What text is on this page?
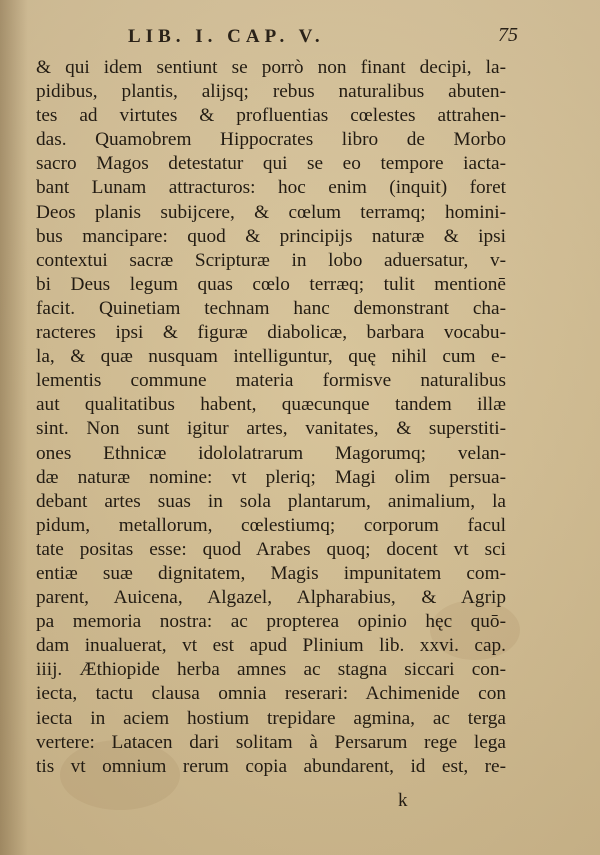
LIB. I. CAP. V.	75
& qui idem sentiunt se porrò non finant decipi, la-
pidibus, plantis, alijsq; rebus naturalibus abuten-
tes ad virtutes & profluentias cœlestes attrahen-
das. Quamobrem Hippocrates libro de Morbo
sacro Magos detestatur qui se eo tempore iacta-
bant Lunam attracturos: hoc enim (inquit) foret
Deos planis subijcere, & cœlum terramq; homini-
bus mancipare: quod & principijs naturæ & ipsi
contextui sacræ Scripturæ in lobo aduersatur, v-
bi Deus legum quas cœlo terræq; tulit mentionē
facit. Quinetiam technam hanc demonstrant cha-
racteres ipsi & figuræ diabolicæ, barbara vocabu-
la, & quæ nusquam intelliguntur, quę nihil cum e-
lementis commune materia formisve naturalibus
aut qualitatibus habent, quæcunque tandem illæ
sint. Non sunt igitur artes, vanitates, & superstiti-
ones Ethnicæ idololatrarum Magorumq; velan-
dæ naturæ nomine: vt pleriq; Magi olim persua-
debant artes suas in sola plantarum, animalium, la
pidum, metallorum, cœlestiumq; corporum facul
tate positas esse: quod Arabes quoq; docent vt sci
entiæ suæ dignitatem, Magis impunitatem com-
parent, Auicena, Algazel, Alpharabius, & Agrip
pa memoria nostra: ac propterea opinio hęc quō-
dam inualuerat, vt est apud Plinium lib. xxvi. cap.
iiij. Æthiopide herba amnes ac stagna siccari con-
iecta, tactu clausa omnia reserari: Achimenide con
iecta in aciem hostium trepidare agmina, ac terga
vertere: Latacen dari solitam à Persarum rege lega
tis vt omnium rerum copia abundarent, id est, re-
k
